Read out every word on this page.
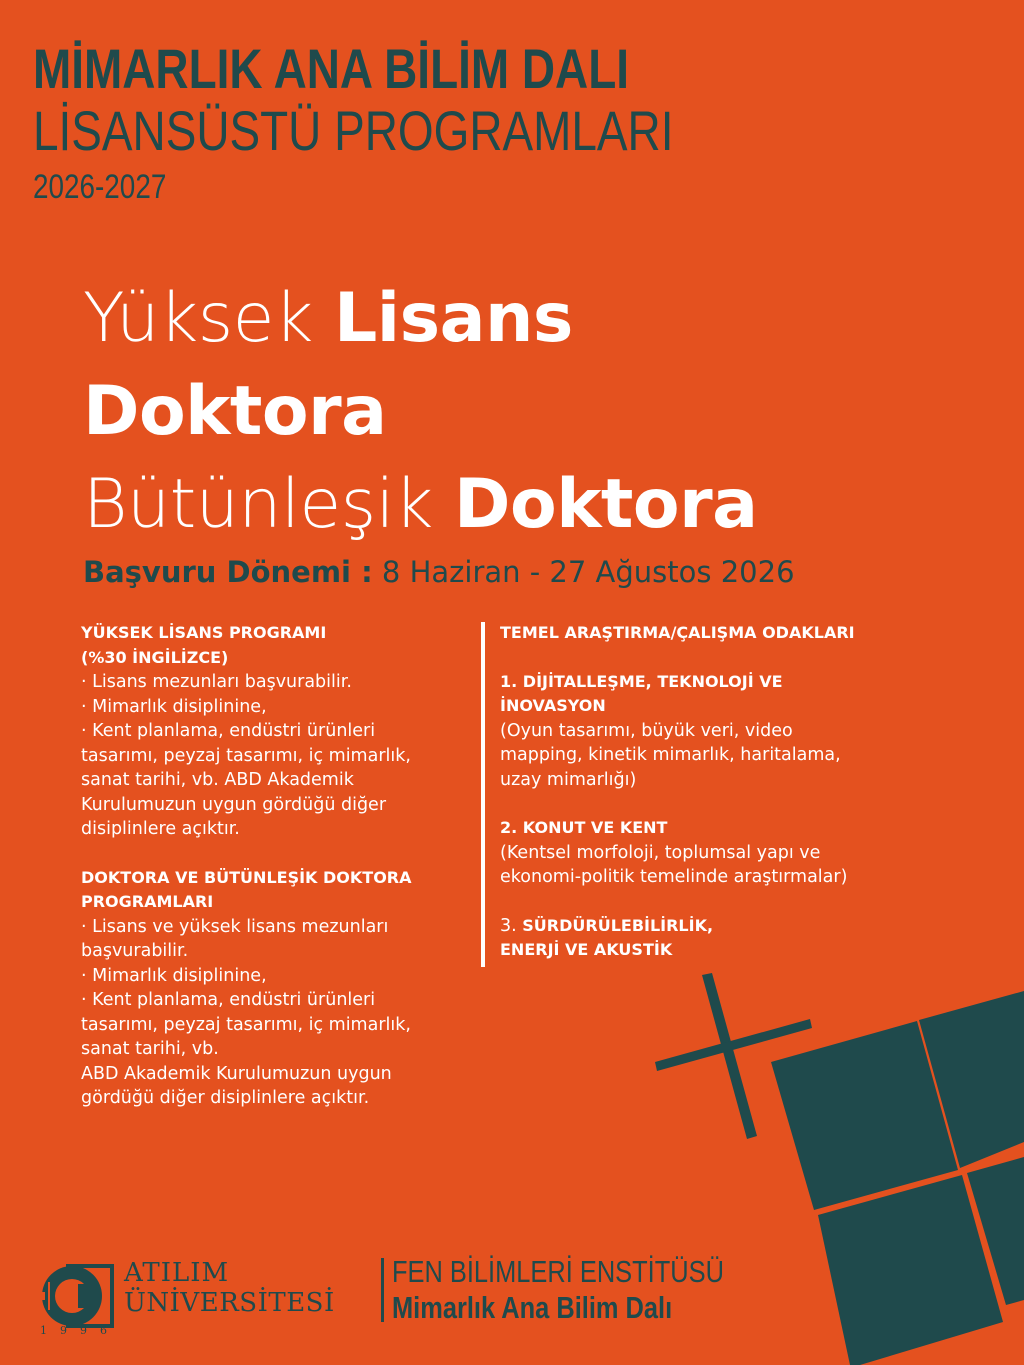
MİMARLIK ANA BİLİM DALI
LİSANSÜSTÜ PROGRAMLARI
2026-2027
Yüksek Lisans
Doktora
Bütünleşik Doktora
Başvuru Dönemi : 8 Haziran - 27 Ağustos 2026
YÜKSEK LİSANS PROGRAMI
(%30 İNGİLİZCE)
· Lisans mezunları başvurabilir.
· Mimarlık disiplinine,
· Kent planlama, endüstri ürünleri
tasarımı, peyzaj tasarımı, iç mimarlık,
sanat tarihi, vb. ABD Akademik
Kurulumuzun uygun gördüğü diğer
disiplinlere açıktır.
DOKTORA VE BÜTÜNLEŞİK DOKTORA
PROGRAMLARI
· Lisans ve yüksek lisans mezunları
başvurabilir.
· Mimarlık disiplinine,
· Kent planlama, endüstri ürünleri
tasarımı, peyzaj tasarımı, iç mimarlık,
sanat tarihi, vb.
ABD Akademik Kurulumuzun uygun
gördüğü diğer disiplinlere açıktır.
TEMEL ARAŞTIRMA/ÇALIŞMA ODAKLARI
1. DİJİTALLEŞME, TEKNOLOJİ VE
İNOVASYON
(Oyun tasarımı, büyük veri, video
mapping, kinetik mimarlık, haritalama,
uzay mimarlığı)
2. KONUT VE KENT
(Kentsel morfoloji, toplumsal yapı ve
ekonomi-politik temelinde araştırmalar)
3. SÜRDÜRÜLEBİLİRLİK,
ENERJİ VE AKUSTİK
ATILIM
ÜNİVERSİTESİ
1996
FEN BİLİMLERİ ENSTİTÜSÜ
Mimarlık Ana Bilim Dalı
